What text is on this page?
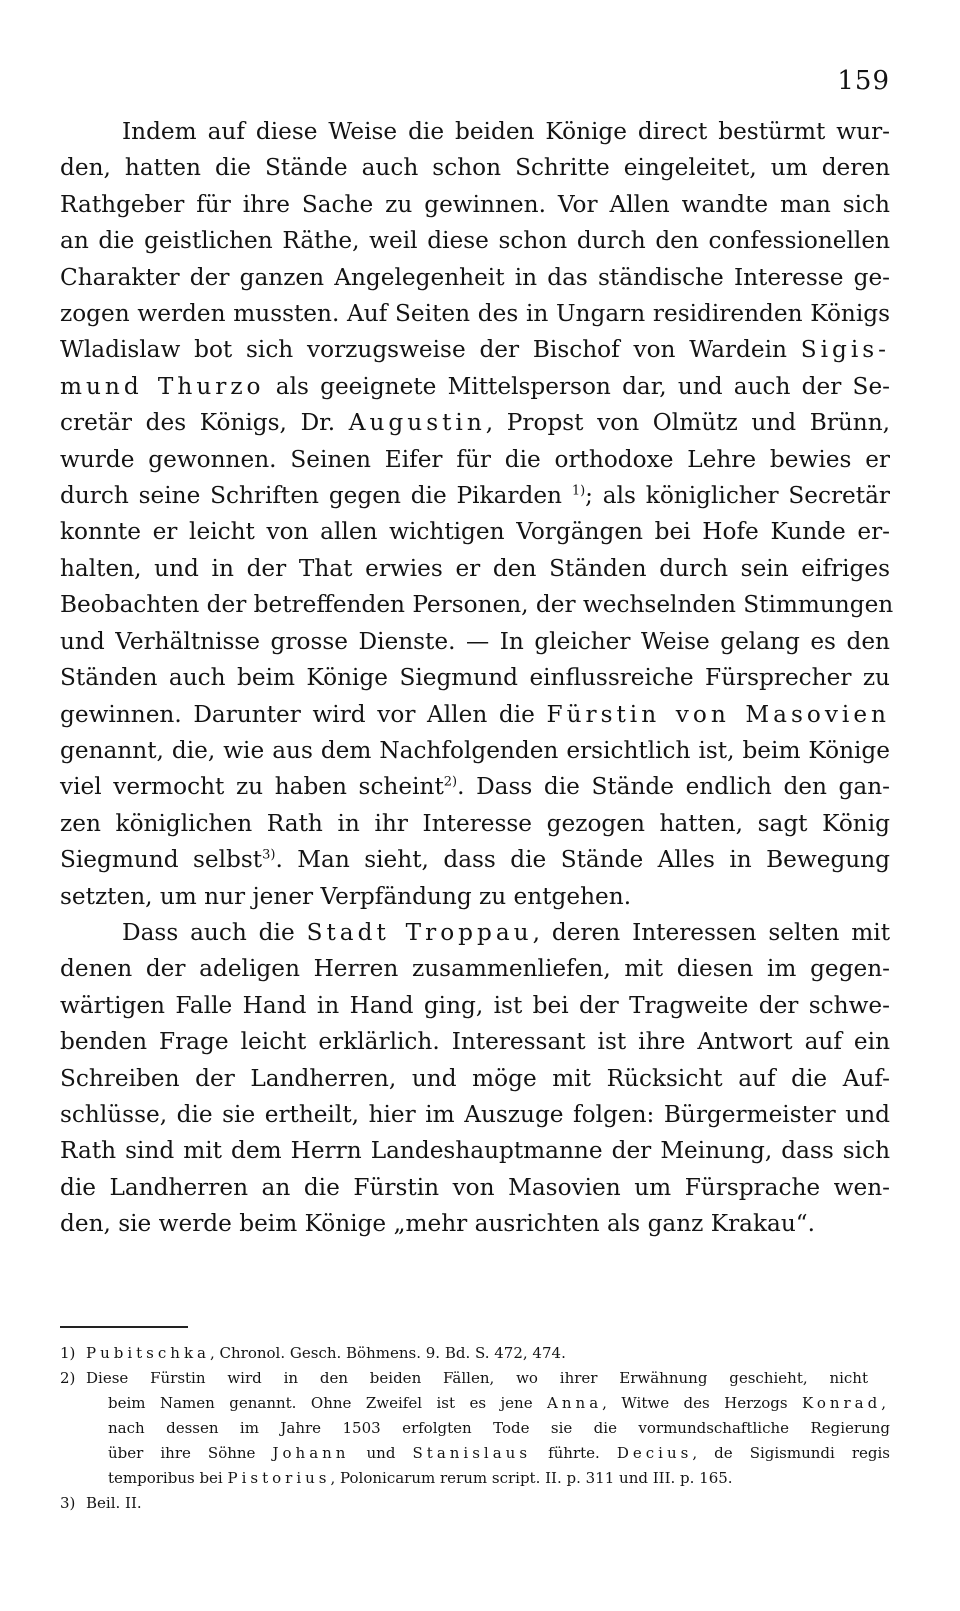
159
Indem auf diese Weise die beiden Könige direct bestürmt wur-
den, hatten die Stände auch schon Schritte eingeleitet, um deren
Rathgeber für ihre Sache zu gewinnen. Vor Allen wandte man sich
an die geistlichen Räthe, weil diese schon durch den confessionellen
Charakter der ganzen Angelegenheit in das ständische Interesse ge-
zogen werden mussten. Auf Seiten des in Ungarn residirenden Königs
Wladislaw bot sich vorzugsweise der Bischof von Wardein Sigis-
mund Thurzo als geeignete Mittelsperson dar, und auch der Se-
cretär des Königs, Dr. Augustin, Propst von Olmütz und Brünn,
wurde gewonnen. Seinen Eifer für die orthodoxe Lehre bewies er
durch seine Schriften gegen die Pikarden $^{1)}$; als königlicher Secretär
konnte er leicht von allen wichtigen Vorgängen bei Hofe Kunde er-
halten, und in der That erwies er den Ständen durch sein eifriges
Beobachten der betreffenden Personen, der wechselnden Stimmungen
und Verhältnisse grosse Dienste. — In gleicher Weise gelang es den
Ständen auch beim Könige Siegmund einflussreiche Fürsprecher zu
gewinnen. Darunter wird vor Allen die Fürstin von Masovien
genannt, die, wie aus dem Nachfolgenden ersichtlich ist, beim Könige
viel vermocht zu haben scheint$^{2)}$. Dass die Stände endlich den gan-
zen königlichen Rath in ihr Interesse gezogen hatten, sagt König
Siegmund selbst$^{3)}$. Man sieht, dass die Stände Alles in Bewegung
setzten, um nur jener Verpfändung zu entgehen.
Dass auch die Stadt Troppau, deren Interessen selten mit
denen der adeligen Herren zusammenliefen, mit diesen im gegen-
wärtigen Falle Hand in Hand ging, ist bei der Tragweite der schwe-
benden Frage leicht erklärlich. Interessant ist ihre Antwort auf ein
Schreiben der Landherren, und möge mit Rücksicht auf die Auf-
schlüsse, die sie ertheilt, hier im Auszuge folgen: Bürgermeister und
Rath sind mit dem Herrn Landeshauptmanne der Meinung, dass sich
die Landherren an die Fürstin von Masovien um Fürsprache wen-
den, sie werde beim Könige „mehr ausrichten als ganz Krakau“.
1) Pubitschka, Chronol. Gesch. Böhmens. 9. Bd. S. 472, 474.
2) Diese Fürstin wird in den beiden Fällen, wo ihrer Erwähnung geschieht, nicht
beim Namen genannt. Ohne Zweifel ist es jene Anna, Witwe des Herzogs Konrad,
nach dessen im Jahre 1503 erfolgten Tode sie die vormundschaftliche Regierung
über ihre Söhne Johann und Stanislaus führte. Decius, de Sigismundi regis
temporibus bei Pistorius, Polonicarum rerum script. II. p. 311 und III. p. 165.
3) Beil. II.
